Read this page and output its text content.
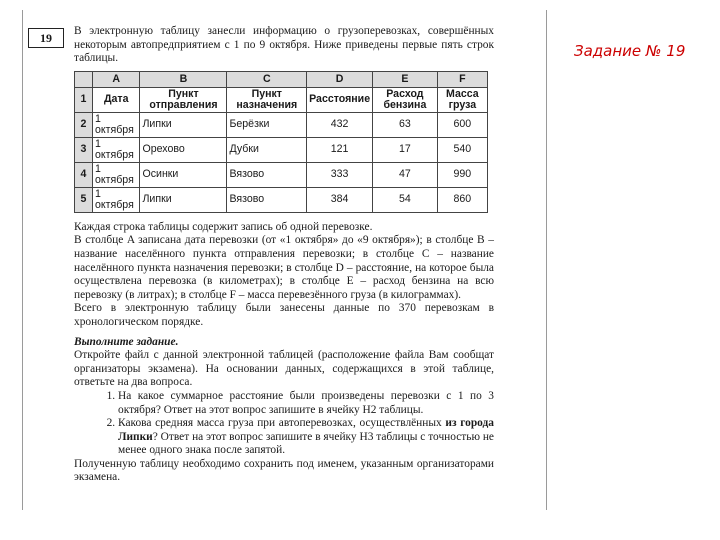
19
Задание № 19

В электронную таблицу занесли информацию о грузоперевозках, совершённых некоторым автопредприятием с 1 по 9 октября. Ниже приведены первые пять строк таблицы.

	A	B	C	D	E	F
1	Дата	Пункт отправления	Пункт назначения	Расстояние	Расход бензина	Масса груза
2	1 октября	Липки	Берёзки	432	63	600
3	1 октября	Орехово	Дубки	121	17	540
4	1 октября	Осинки	Вязово	333	47	990
5	1 октября	Липки	Вязово	384	54	860

Каждая строка таблицы содержит запись об одной перевозке.

В столбце A записана дата перевозки (от «1 октября» до «9 октября»); в столбце B – название населённого пункта отправления перевозки; в столбце C – название населённого пункта назначения перевозки; в столбце D – расстояние, на которое была осуществлена перевозка (в километрах); в столбце E – расход бензина на всю перевозку (в литрах); в столбце F – масса перевезённого груза (в килограммах).

Всего в электронную таблицу были занесены данные по 370 перевозкам в хронологическом порядке.

Выполните задание.

Откройте файл с данной электронной таблицей (расположение файла Вам сообщат организаторы экзамена). На основании данных, содержащихся в этой таблице, ответьте на два вопроса.

1. На какое суммарное расстояние были произведены перевозки с 1 по 3 октября? Ответ на этот вопрос запишите в ячейку H2 таблицы.
2. Какова средняя масса груза при автоперевозках, осуществлённых из города Липки? Ответ на этот вопрос запишите в ячейку H3 таблицы с точностью не менее одного знака после запятой.

Полученную таблицу необходимо сохранить под именем, указанным организаторами экзамена.
